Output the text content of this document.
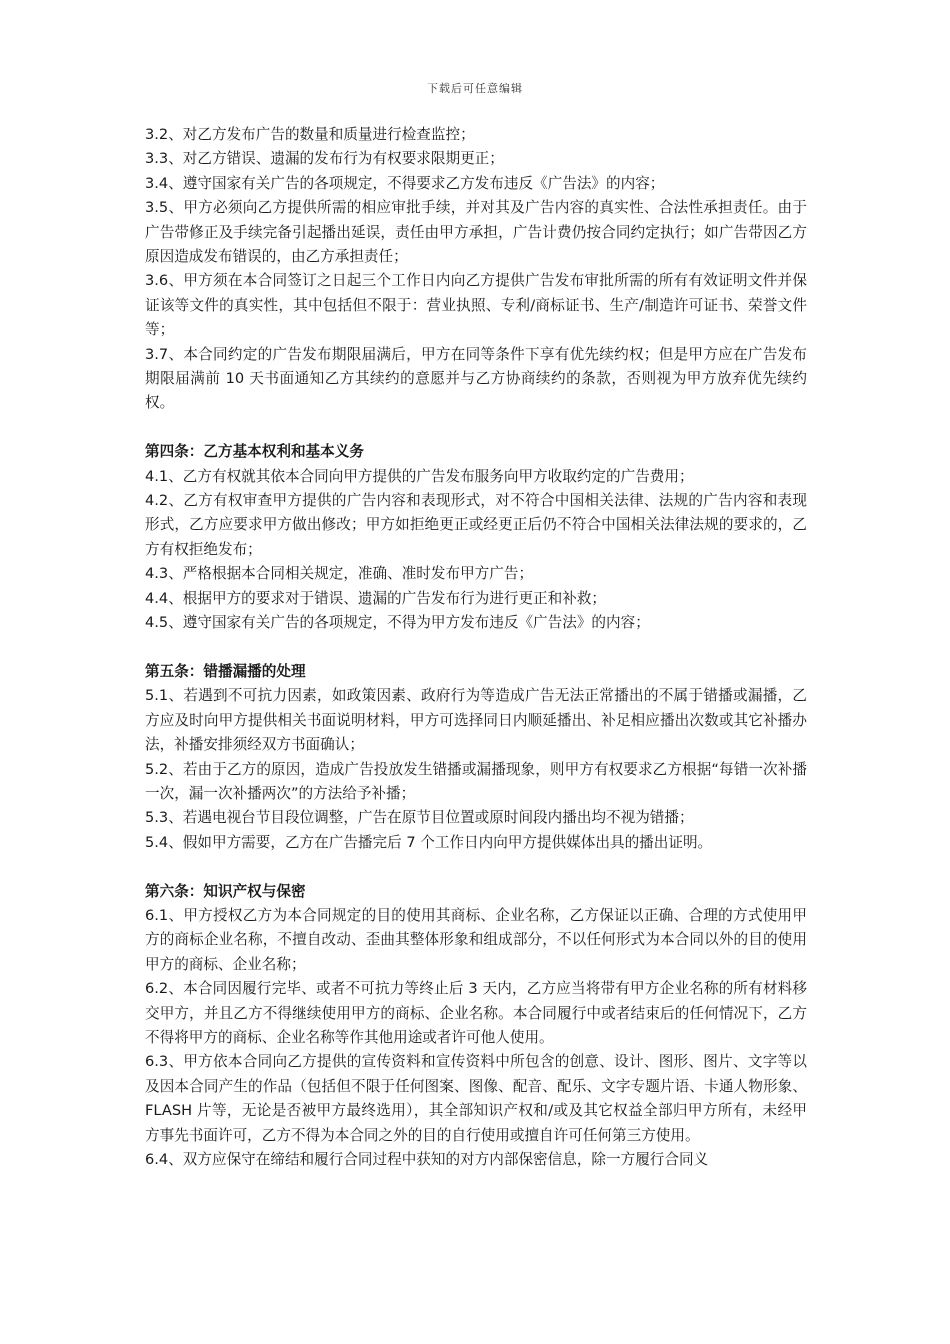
下载后可任意编辑
3.2、对乙方发布广告的数量和质量进行检查监控；
3.3、对乙方错误、遗漏的发布行为有权要求限期更正；
3.4、遵守国家有关广告的各项规定，不得要求乙方发布违反《广告法》的内容；
3.5、甲方必须向乙方提供所需的相应审批手续，并对其及广告内容的真实性、合法性承担责任。由于广告带修正及手续完备引起播出延误，责任由甲方承担，广告计费仍按合同约定执行；如广告带因乙方原因造成发布错误的，由乙方承担责任；
3.6、甲方须在本合同签订之日起三个工作日内向乙方提供广告发布审批所需的所有有效证明文件并保证该等文件的真实性，其中包括但不限于：营业执照、专利/商标证书、生产/制造许可证书、荣誉文件等；
3.7、本合同约定的广告发布期限届满后，甲方在同等条件下享有优先续约权；但是甲方应在广告发布期限届满前 10 天书面通知乙方其续约的意愿并与乙方协商续约的条款，否则视为甲方放弃优先续约权。
第四条：乙方基本权利和基本义务
4.1、乙方有权就其依本合同向甲方提供的广告发布服务向甲方收取约定的广告费用；
4.2、乙方有权审查甲方提供的广告内容和表现形式，对不符合中国相关法律、法规的广告内容和表现形式，乙方应要求甲方做出修改；甲方如拒绝更正或经更正后仍不符合中国相关法律法规的要求的，乙方有权拒绝发布；
4.3、严格根据本合同相关规定，准确、准时发布甲方广告；
4.4、根据甲方的要求对于错误、遗漏的广告发布行为进行更正和补救；
4.5、遵守国家有关广告的各项规定，不得为甲方发布违反《广告法》的内容；
第五条：错播漏播的处理
5.1、若遇到不可抗力因素，如政策因素、政府行为等造成广告无法正常播出的不属于错播或漏播，乙方应及时向甲方提供相关书面说明材料，甲方可选择同日内顺延播出、补足相应播出次数或其它补播办法，补播安排须经双方书面确认；
5.2、若由于乙方的原因，造成广告投放发生错播或漏播现象，则甲方有权要求乙方根据“每错一次补播一次，漏一次补播两次”的方法给予补播；
5.3、若遇电视台节目段位调整，广告在原节目位置或原时间段内播出均不视为错播；
5.4、假如甲方需要，乙方在广告播完后 7 个工作日内向甲方提供媒体出具的播出证明。
第六条：知识产权与保密
6.1、甲方授权乙方为本合同规定的目的使用其商标、企业名称，乙方保证以正确、合理的方式使用甲方的商标企业名称，不擅自改动、歪曲其整体形象和组成部分，不以任何形式为本合同以外的目的使用甲方的商标、企业名称；
6.2、本合同因履行完毕、或者不可抗力等终止后 3 天内，乙方应当将带有甲方企业名称的所有材料移交甲方，并且乙方不得继续使用甲方的商标、企业名称。本合同履行中或者结束后的任何情况下，乙方不得将甲方的商标、企业名称等作其他用途或者许可他人使用。
6.3、甲方依本合同向乙方提供的宣传资料和宣传资料中所包含的创意、设计、图形、图片、文字等以及因本合同产生的作品（包括但不限于任何图案、图像、配音、配乐、文字专题片语、卡通人物形象、FLASH 片等，无论是否被甲方最终选用），其全部知识产权和/或及其它权益全部归甲方所有，未经甲方事先书面许可，乙方不得为本合同之外的目的自行使用或擅自许可任何第三方使用。
6.4、双方应保守在缔结和履行合同过程中获知的对方内部保密信息，除一方履行合同义
